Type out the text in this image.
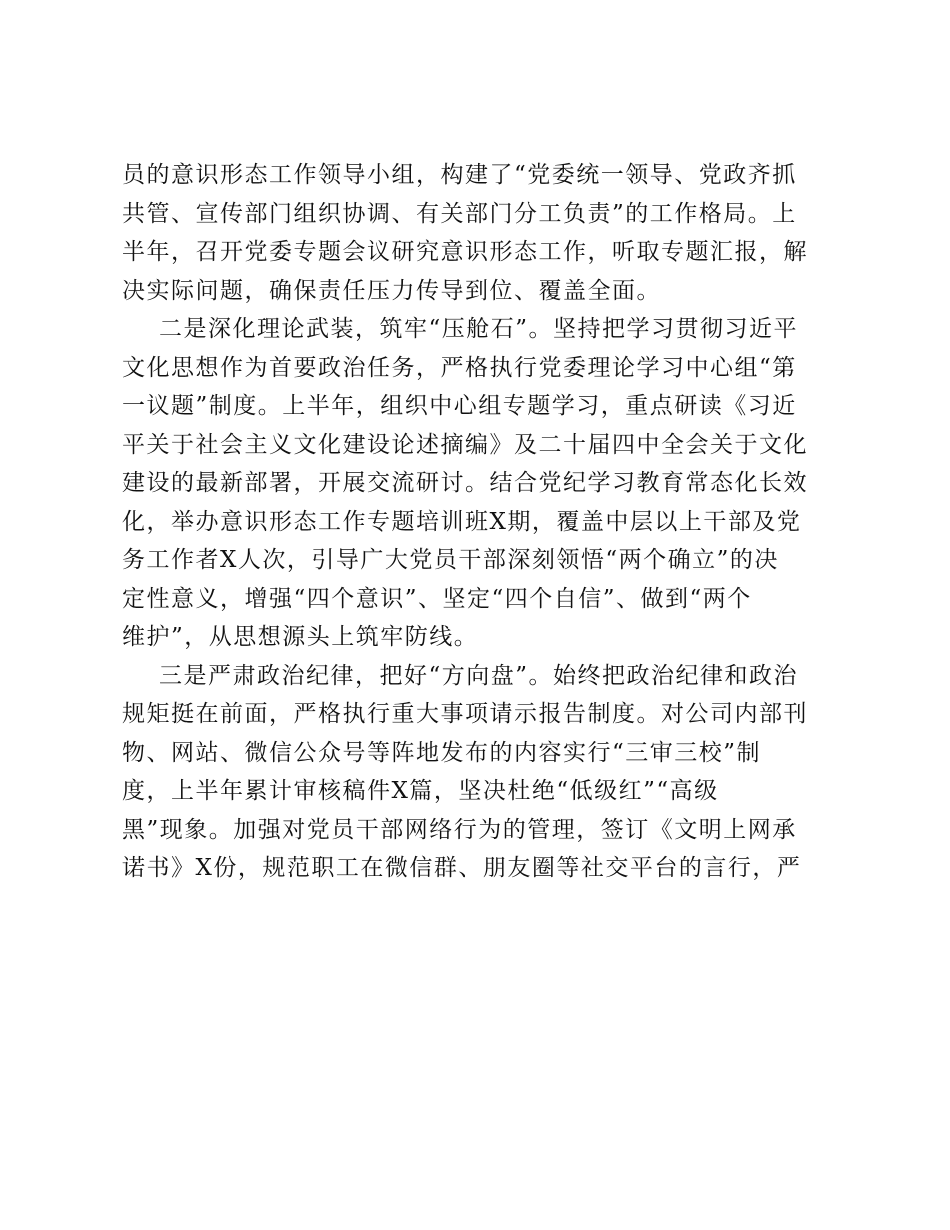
员的意识形态工作领导小组，构建了“党委统一领导、党政齐抓
共管、宣传部门组织协调、有关部门分工负责”的工作格局。上
半年，召开党委专题会议研究意识形态工作，听取专题汇报，解
决实际问题，确保责任压力传导到位、覆盖全面。
二是深化理论武装，筑牢“压舱石”。坚持把学习贯彻习近平
文化思想作为首要政治任务，严格执行党委理论学习中心组“第
一议题”制度。上半年，组织中心组专题学习，重点研读《习近
平关于社会主义文化建设论述摘编》及二十届四中全会关于文化
建设的最新部署，开展交流研讨。结合党纪学习教育常态化长效
化，举办意识形态工作专题培训班X期，覆盖中层以上干部及党
务工作者X人次，引导广大党员干部深刻领悟“两个确立”的决
定性意义，增强“四个意识”、坚定“四个自信”、做到“两个
维护”，从思想源头上筑牢防线。
三是严肃政治纪律，把好“方向盘”。始终把政治纪律和政治
规矩挺在前面，严格执行重大事项请示报告制度。对公司内部刊
物、网站、微信公众号等阵地发布的内容实行“三审三校”制
度，上半年累计审核稿件X篇，坚决杜绝“低级红”“高级
黑”现象。加强对党员干部网络行为的管理，签订《文明上网承
诺书》X份，规范职工在微信群、朋友圈等社交平台的言行，严
